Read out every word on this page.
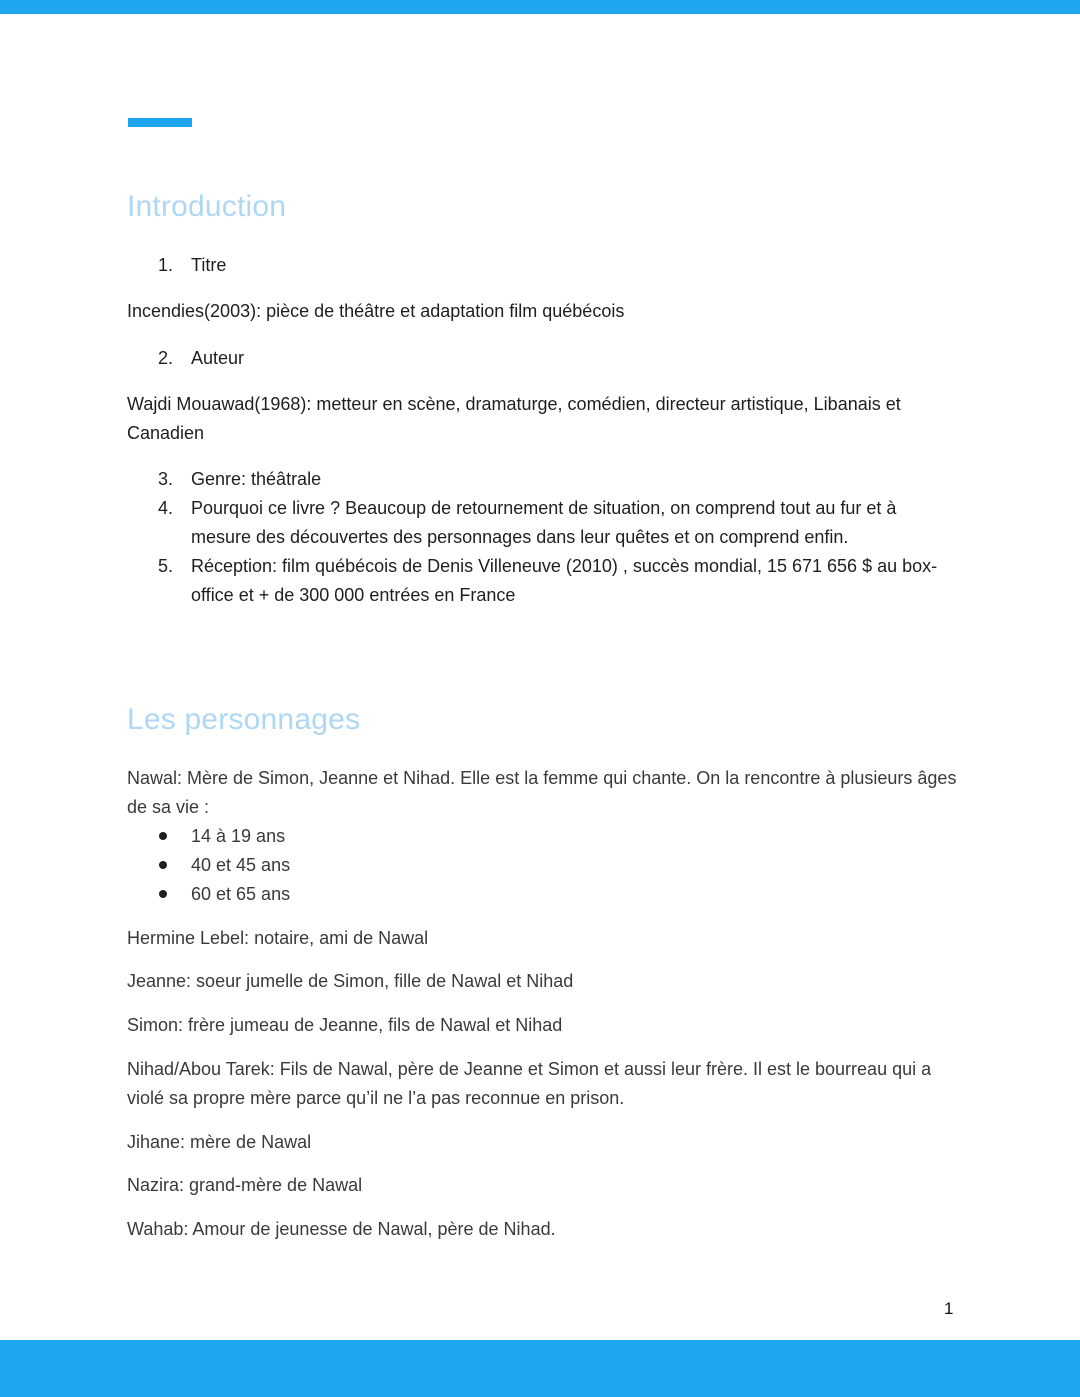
Introduction
1. Titre

Incendies(2003): pièce de théâtre et adaptation film québécois

2. Auteur

Wajdi Mouawad(1968): metteur en scène, dramaturge, comédien, directeur artistique, Libanais et Canadien

3. Genre: théâtrale
4. Pourquoi ce livre ? Beaucoup de retournement de situation, on comprend tout au fur et à mesure des découvertes des personnages dans leur quêtes et on comprend enfin.
5. Réception: film québécois de Denis Villeneuve (2010) , succès mondial, 15 671 656 $ au box-office et + de 300 000 entrées en France
Les personnages

Nawal: Mère de Simon, Jeanne et Nihad. Elle est la femme qui chante. On la rencontre à plusieurs âges de sa vie :

14 à 19 ans
40 et 45 ans
60 et 65 ans

Hermine Lebel: notaire, ami de Nawal

Jeanne: soeur jumelle de Simon, fille de Nawal et Nihad

Simon: frère jumeau de Jeanne, fils de Nawal et Nihad

Nihad/Abou Tarek: Fils de Nawal, père de Jeanne et Simon et aussi leur frère. Il est le bourreau qui a violé sa propre mère parce qu’il ne l’a pas reconnue en prison.

Jihane: mère de Nawal

Nazira: grand-mère de Nawal

Wahab: Amour de jeunesse de Nawal, père de Nihad.

1
